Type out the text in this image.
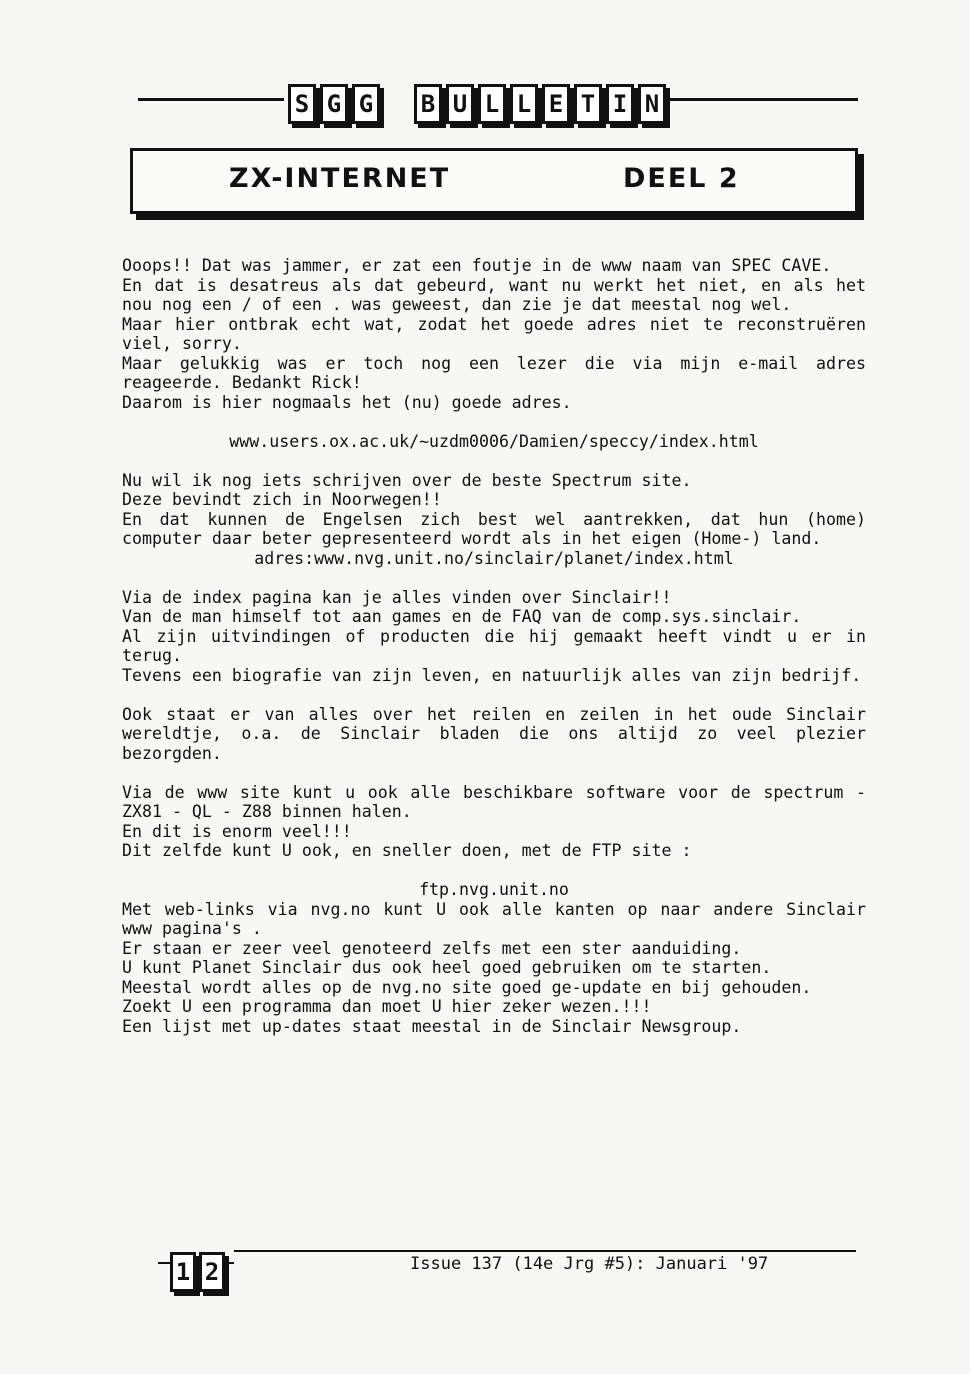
S G G B U L L E T I N
ZX-INTERNET	DEEL 2

Ooops!! Dat was jammer, er zat een foutje in de www naam van SPEC CAVE.

En dat is desatreus als dat gebeurd, want nu werkt het niet, en als het nou nog een / of een . was geweest, dan zie je dat meestal nog wel.

Maar hier ontbrak echt wat, zodat het goede adres niet te reconstruëren viel, sorry.

Maar gelukkig was er toch nog een lezer die via mijn e-mail adres reageerde. Bedankt Rick!

Daarom is hier nogmaals het (nu) goede adres.

www.users.ox.ac.uk/~uzdm0006/Damien/speccy/index.html

Nu wil ik nog iets schrijven over de beste Spectrum site.

Deze bevindt zich in Noorwegen!!

En dat kunnen de Engelsen zich best wel aantrekken, dat hun (home) computer daar beter gepresenteerd wordt als in het eigen (Home-) land.

adres:www.nvg.unit.no/sinclair/planet/index.html

Via de index pagina kan je alles vinden over Sinclair!!

Van de man himself tot aan games en de FAQ van de comp.sys.sinclair.

Al zijn uitvindingen of producten die hij gemaakt heeft vindt u er in terug.

Tevens een biografie van zijn leven, en natuurlijk alles van zijn bedrijf.

Ook staat er van alles over het reilen en zeilen in het oude Sinclair wereldtje, o.a. de Sinclair bladen die ons altijd zo veel plezier bezorgden.

Via de www site kunt u ook alle beschikbare software voor de spectrum - ZX81 - QL - Z88 binnen halen.

En dit is enorm veel!!!

Dit zelfde kunt U ook, en sneller doen, met de FTP site :

ftp.nvg.unit.no

Met web-links via nvg.no kunt U ook alle kanten op naar andere Sinclair www pagina's .

Er staan er zeer veel genoteerd zelfs met een ster aanduiding.

U kunt Planet Sinclair dus ook heel goed gebruiken om te starten.

Meestal wordt alles op de nvg.no site goed ge-update en bij gehouden.

Zoekt U een programma dan moet U hier zeker wezen.!!!

Een lijst met up-dates staat meestal in de Sinclair Newsgroup.

1 2	Issue 137 (14e Jrg #5): Januari '97
